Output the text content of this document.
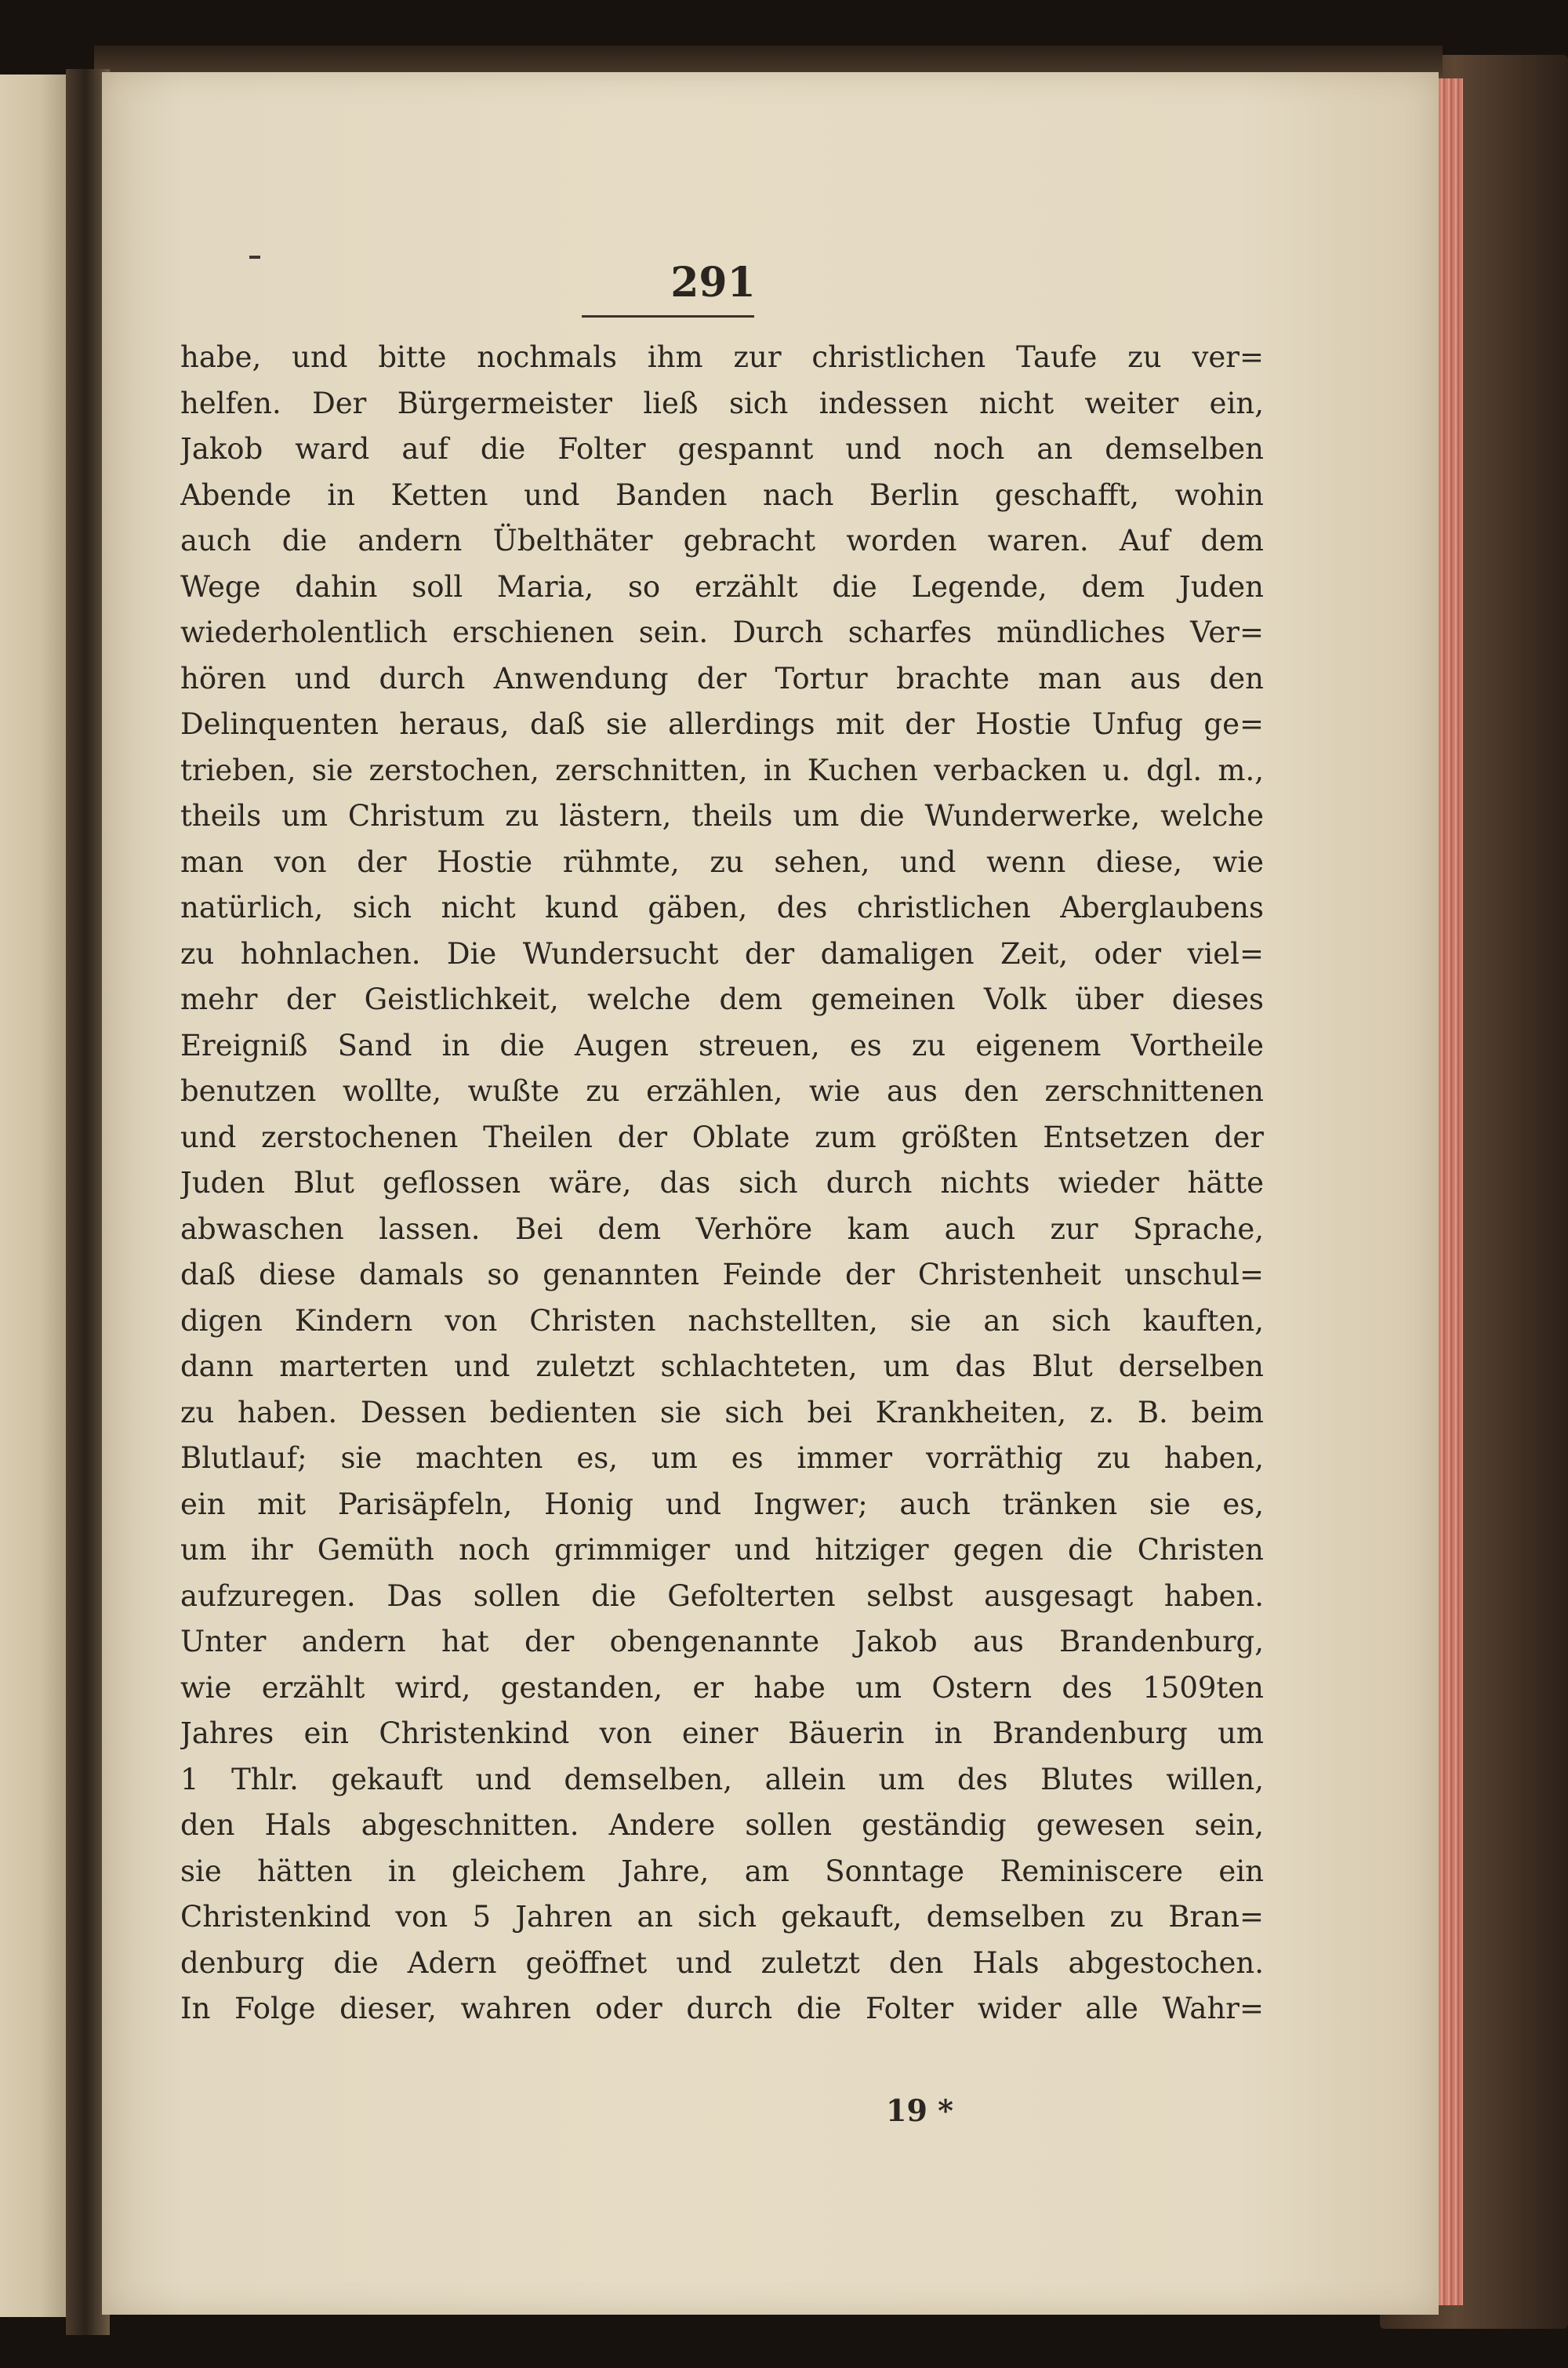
291
habe, und bitte nochmals ihm zur christlichen Taufe zu ver=
helfen. Der Bürgermeister ließ sich indessen nicht weiter ein,
Jakob ward auf die Folter gespannt und noch an demselben
Abende in Ketten und Banden nach Berlin geschafft, wohin
auch die andern Übelthäter gebracht worden waren. Auf dem
Wege dahin soll Maria, so erzählt die Legende, dem Juden
wiederholentlich erschienen sein. Durch scharfes mündliches Ver=
hören und durch Anwendung der Tortur brachte man aus den
Delinquenten heraus, daß sie allerdings mit der Hostie Unfug ge=
trieben, sie zerstochen, zerschnitten, in Kuchen verbacken u. dgl. m.,
theils um Christum zu lästern, theils um die Wunderwerke, welche
man von der Hostie rühmte, zu sehen, und wenn diese, wie
natürlich, sich nicht kund gäben, des christlichen Aberglaubens
zu hohnlachen. Die Wundersucht der damaligen Zeit, oder viel=
mehr der Geistlichkeit, welche dem gemeinen Volk über dieses
Ereigniß Sand in die Augen streuen, es zu eigenem Vortheile
benutzen wollte, wußte zu erzählen, wie aus den zerschnittenen
und zerstochenen Theilen der Oblate zum größten Entsetzen der
Juden Blut geflossen wäre, das sich durch nichts wieder hätte
abwaschen lassen. Bei dem Verhöre kam auch zur Sprache,
daß diese damals so genannten Feinde der Christenheit unschul=
digen Kindern von Christen nachstellten, sie an sich kauften,
dann marterten und zuletzt schlachteten, um das Blut derselben
zu haben. Dessen bedienten sie sich bei Krankheiten, z. B. beim
Blutlauf; sie machten es, um es immer vorräthig zu haben,
ein mit Parisäpfeln, Honig und Ingwer; auch tränken sie es,
um ihr Gemüth noch grimmiger und hitziger gegen die Christen
aufzuregen. Das sollen die Gefolterten selbst ausgesagt haben.
Unter andern hat der obengenannte Jakob aus Brandenburg,
wie erzählt wird, gestanden, er habe um Ostern des 1509ten
Jahres ein Christenkind von einer Bäuerin in Brandenburg um
1 Thlr. gekauft und demselben, allein um des Blutes willen,
den Hals abgeschnitten. Andere sollen geständig gewesen sein,
sie hätten in gleichem Jahre, am Sonntage Reminiscere ein
Christenkind von 5 Jahren an sich gekauft, demselben zu Bran=
denburg die Adern geöffnet und zuletzt den Hals abgestochen.
In Folge dieser, wahren oder durch die Folter wider alle Wahr=
19 *
